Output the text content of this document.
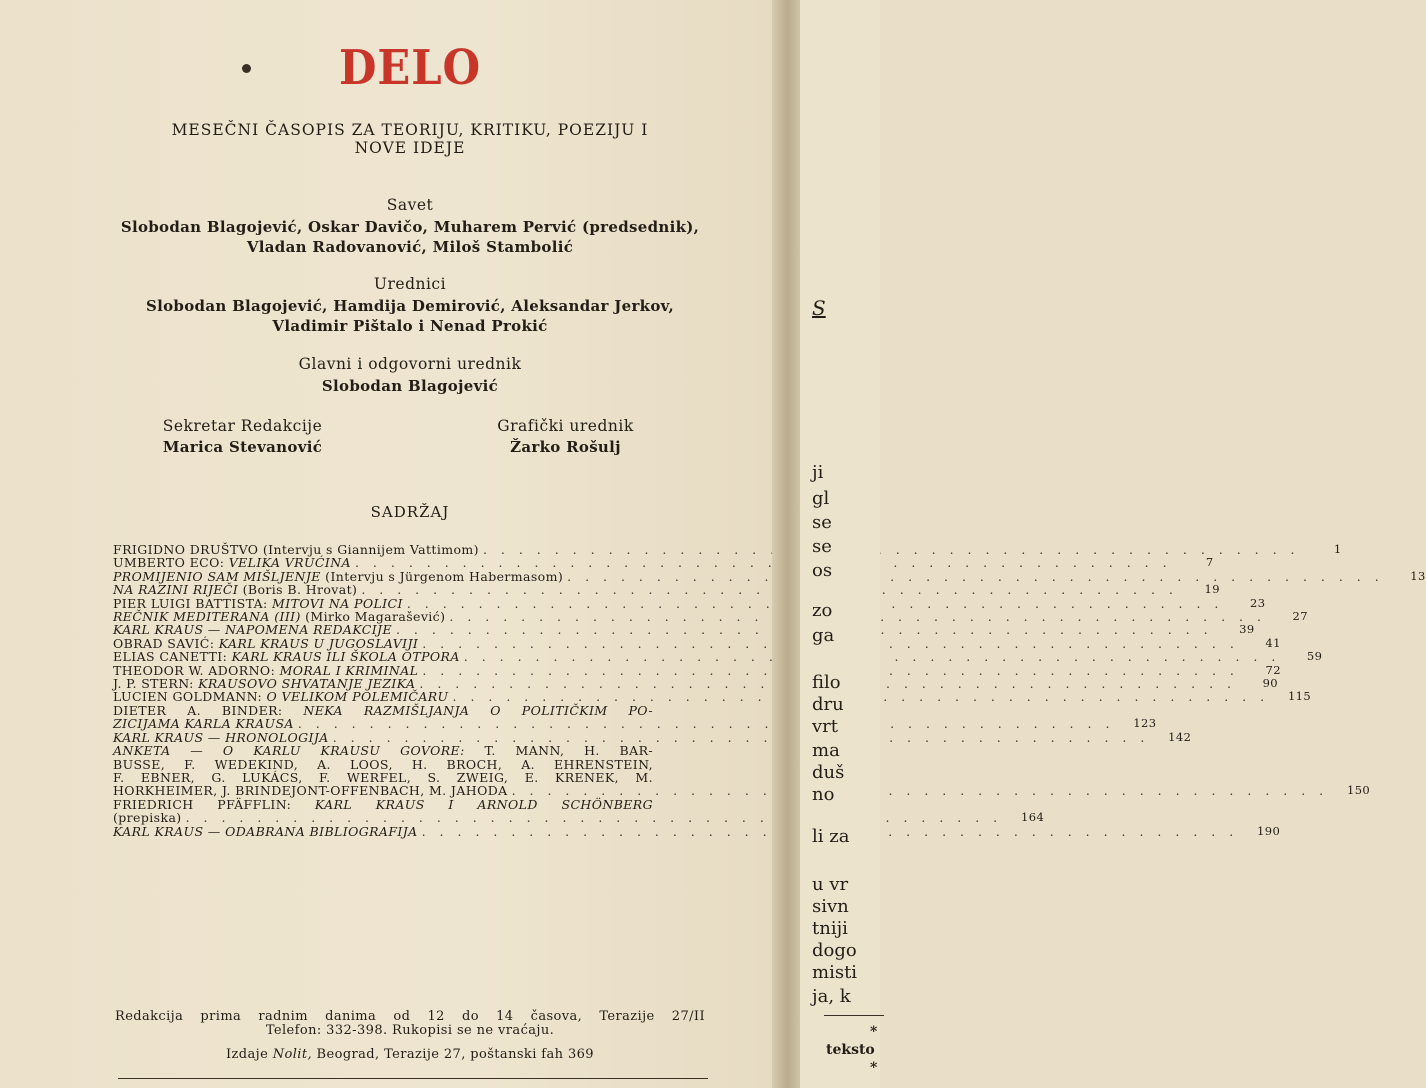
DELO
MESEČNI ČASOPIS ZA TEORIJU, KRITIKU, POEZIJU I
NOVE IDEJE
Savet
Slobodan Blagojević, Oskar Davičo, Muharem Pervić (predsednik),
Vladan Radovanović, Miloš Stambolić
Urednici
Slobodan Blagojević, Hamdija Demirović, Aleksandar Jerkov,
Vladimir Pištalo i Nenad Prokić
Glavni i odgovorni urednik
Slobodan Blagojević
Sekretar Redakcije
Marica Stevanović
Grafički urednik
Žarko Rošulj
SADRŽAJ
FRIGIDNO DRUŠTVO (Intervju s Giannijem Vattimom) . . .	1
UMBERTO ECO: VELIKA VRUĆINA . . .	7
PROMIJENIO SAM MIŠLJENJE (Intervju s Jürgenom Habermasom) . . .	13
NA RAZINI RIJEČI (Boris B. Hrovat) . . .	19
PIER LUIGI BATTISTA: MITOVI NA POLICI . . .	23
REČNIK MEDITERANA (III) (Mirko Magarašević) . . .	27
KARL KRAUS — NAPOMENA REDAKCIJE . . .	39
OBRAD SAVIĆ: KARL KRAUS U JUGOSLAVIJI . . .	41
ELIAS CANETTI: KARL KRAUS ILI ŠKOLA OTPORA . . .	59
THEODOR W. ADORNO: MORAL I KRIMINAL . . .	72
J. P. STERN: KRAUSOVO SHVATANJE JEZIKA . . .	90
LUCIEN GOLDMANN: O VELIKOM POLEMIČARU . . .	115
DIETER A. BINDER: NEKA RAZMIŠLJANJA O POLITIČKIM PO-
ZICIJAMA KARLA KRAUSA . . .	123
KARL KRAUS — HRONOLOGIJA . . .	142
ANKETA — O KARLU KRAUSU GOVORE: T. MANN, H. BAR-
BUSSE, F. WEDEKIND, A. LOOS, H. BROCH, A. EHRENSTEIN,
F. EBNER, G. LUKÁCS, F. WERFEL, S. ZWEIG, E. KRENEK, M.
HORKHEIMER, J. BRINDEJONT-OFFENBACH, M. JAHODA . . .	150
FRIEDRICH PFÄFFLIN: KARL KRAUS I ARNOLD SCHÖNBERG
(prepiska) . . .	164
KARL KRAUS — ODABRANA BIBLIOGRAFIJA . . .	190
Redakcija prima radnim danima od 12 do 14 časova, Terazije 27/II
Telefon: 332-398. Rukopisi se ne vraćaju.
Izdaje Nolit, Beograd, Terazije 27, poštanski fah 369
S
ji
gl
se
se
os
zo
ga
filo
dru
vrt
ma
duš
no
li za
u vr
sivn
tniji
dogo
misti
ja, k
*
teksto
*
